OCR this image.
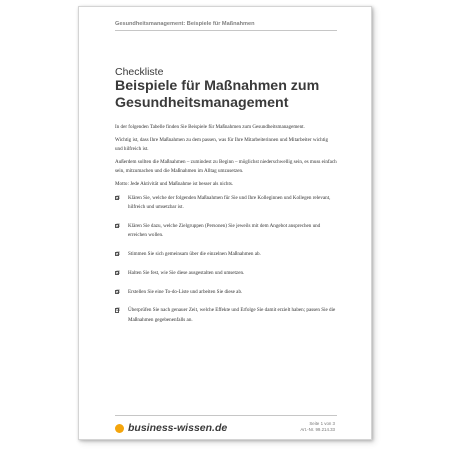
Gesundheitsmanagement: Beispiele für Maßnahmen
Checkliste
Beispiele für Maßnahmen zum Gesundheitsmanagement

In der folgenden Tabelle finden Sie Beispiele für Maßnahmen zum Gesundheitsmanagement.

Wichtig ist, dass Ihre Maßnahmen zu dem passen, was für Ihre Mitarbeiterinnen und Mitarbeiter wichtig und hilfreich ist.

Außerdem sollten die Maßnahmen – zumindest zu Beginn – möglichst niederschwellig sein, es muss einfach sein, mitzumachen und die Maßnahmen im Alltag umzusetzen.

Motto: Jede Aktivität und Maßnahme ist besser als nichts.

☑ Klären Sie, welche der folgenden Maßnahmen für Sie und Ihre Kolleginnen und Kollegen relevant, hilfreich und umsetzbar ist.
☑ Klären Sie dazu, welche Zielgruppen (Personen) Sie jeweils mit dem Angebot ansprechen und erreichen wollen.
☑ Stimmen Sie sich gemeinsam über die einzelnen Maßnahmen ab.
☑ Halten Sie fest, wie Sie diese ausgestalten und umsetzen.
☑ Erstellen Sie eine To-do-Liste und arbeiten Sie diese ab.
☑ Überprüfen Sie nach genauer Zeit, welche Effekte und Erfolge Sie damit erzielt haben; passen Sie die Maßnahmen gegebenenfalls an.
business-wissen.de	Seite 1 von 3
Art.-Nr. 99.214.33
